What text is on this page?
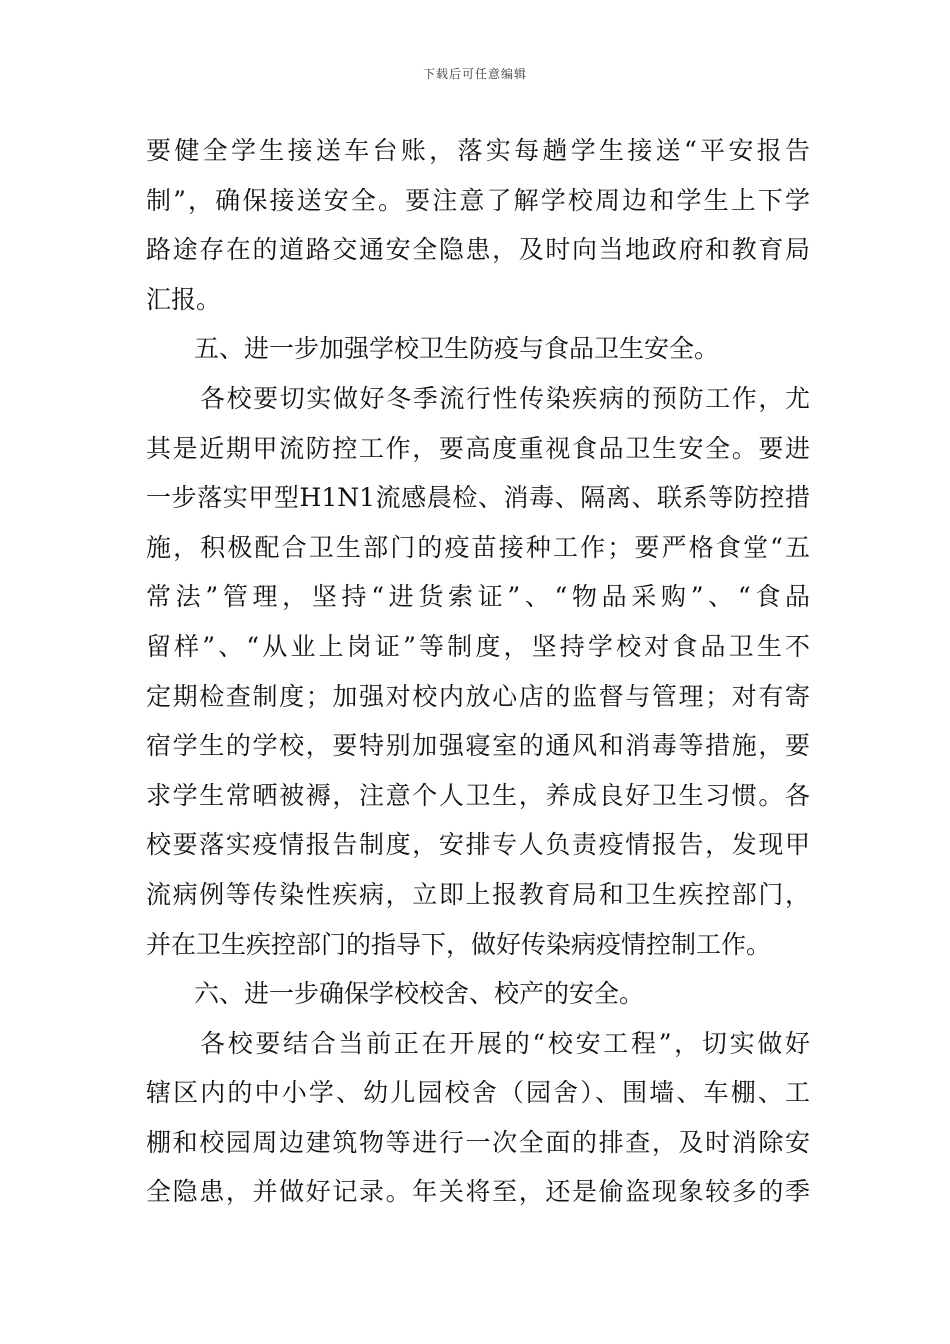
下载后可任意编辑
要健全学生接送车台账，落实每趟学生接送“平安报告
制”，确保接送安全。要注意了解学校周边和学生上下学
路途存在的道路交通安全隐患，及时向当地政府和教育局
汇报。
五、进一步加强学校卫生防疫与食品卫生安全。
各校要切实做好冬季流行性传染疾病的预防工作，尤
其是近期甲流防控工作，要高度重视食品卫生安全。要进
一步落实甲型H1N1流感晨检、消毒、隔离、联系等防控措
施，积极配合卫生部门的疫苗接种工作；要严格食堂“五
常法”管理，坚持“进货索证”、“物品采购”、“食品
留样”、“从业上岗证”等制度，坚持学校对食品卫生不
定期检查制度；加强对校内放心店的监督与管理；对有寄
宿学生的学校，要特别加强寝室的通风和消毒等措施，要
求学生常晒被褥，注意个人卫生，养成良好卫生习惯。各
校要落实疫情报告制度，安排专人负责疫情报告，发现甲
流病例等传染性疾病，立即上报教育局和卫生疾控部门，
并在卫生疾控部门的指导下，做好传染病疫情控制工作。
六、进一步确保学校校舍、校产的安全。
各校要结合当前正在开展的“校安工程”，切实做好
辖区内的中小学、幼儿园校舍（园舍）、围墙、车棚、工
棚和校园周边建筑物等进行一次全面的排查，及时消除安
全隐患，并做好记录。年关将至，还是偷盗现象较多的季
